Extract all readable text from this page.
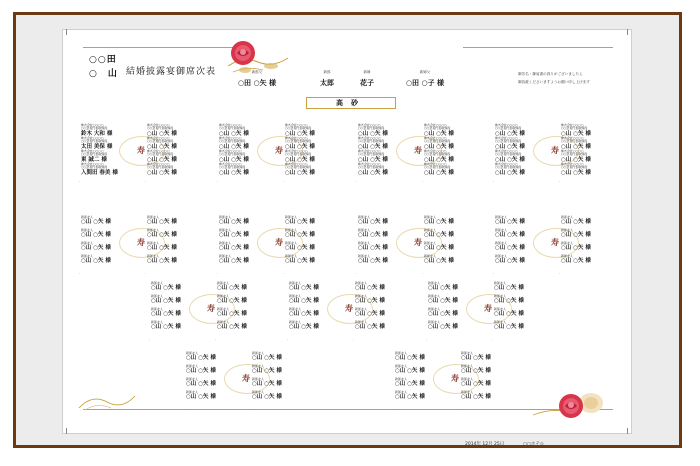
○○田
○　山 結婚披露宴御席次表	新郎父
○田 ○矢 様
新郎
太郎
新婦
花子
新婦父
○田 ○子 様
御芳名・御肩書の誤りがございましたら
御容赦くださいますようお願い申し上げます
高砂
寿
株式会社○○○○
○○会長代表取締役
鈴木 大和 様
株式会社○○○○
○○会長代表取締役
○山 ○矢 様
株式会社○○○○
○○会長代表取締役
太田 美保 様
株式会社○○○○
○○会長代表取締役
○山 ○矢 様
株式会社○○○○
○○会長代表取締役
東 誠二 様
株式会社○○○○
○○会長代表取締役
○山 ○矢 様
株式会社○○○○
○○会長代表取締役
入間田 春美 様
株式会社○○○○
○○会長代表取締役
○山 ○矢 様
.	.
寿
株式会社○○○○
○○会長代表取締役
○山 ○矢 様
株式会社○○○○
○○会長代表取締役
○山 ○矢 様
株式会社○○○○
○○会長代表取締役
○山 ○矢 様
株式会社○○○○
○○会長代表取締役
○山 ○矢 様
株式会社○○○○
○○会長代表取締役
○山 ○矢 様
株式会社○○○○
○○会長代表取締役
○山 ○矢 様
株式会社○○○○
○○会長代表取締役
○山 ○矢 様
株式会社○○○○
○○会長代表取締役
○山 ○矢 様
.	.
寿
株式会社○○○○
○○会長代表取締役
○山 ○矢 様
株式会社○○○○
○○会長代表取締役
○山 ○矢 様
株式会社○○○○
○○会長代表取締役
○山 ○矢 様
株式会社○○○○
○○会長代表取締役
○山 ○矢 様
株式会社○○○○
○○会長代表取締役
○山 ○矢 様
株式会社○○○○
○○会長代表取締役
○山 ○矢 様
株式会社○○○○
○○会長代表取締役
○山 ○矢 様
株式会社○○○○
○○会長代表取締役
○山 ○矢 様
.	.
寿
株式会社○○○○
○○会長代表取締役
○山 ○矢 様
株式会社○○○○
○○会長代表取締役
○山 ○矢 様
株式会社○○○○
○○会長代表取締役
○山 ○矢 様
株式会社○○○○
○○会長代表取締役
○山 ○矢 様
株式会社○○○○
○○会長代表取締役
○山 ○矢 様
株式会社○○○○
○○会長代表取締役
○山 ○矢 様
株式会社○○○○
○○会長代表取締役
○山 ○矢 様
株式会社○○○○
○○会長代表取締役
○山 ○矢 様
.	.
寿
新郎友人
○山 ○矢 様
新郎友人
○山 ○矢 様
新郎友人
○山 ○矢 様
新郎友人
○山 ○矢 様
新郎友人
○山 ○矢 様
新郎友人
○山 ○矢 様
新郎友人
○山 ○矢 様
新郎友人
○山 ○矢 様
.	.
寿
新郎友人
○山 ○矢 様
新郎友人
○山 ○矢 様
新郎友人
○山 ○矢 様
新郎友人
○山 ○矢 様
新郎友人
○山 ○矢 様
新郎友人
○山 ○矢 様
新郎友人
○山 ○矢 様
新郎友人
○山 ○矢 様
.	.
寿
新郎友人
○山 ○矢 様
新郎友人
○山 ○矢 様
新郎友人
○山 ○矢 様
新郎友人
○山 ○矢 様
新郎友人
○山 ○矢 様
新郎友人
○山 ○矢 様
新郎友人
○山 ○矢 様
新郎友人
○山 ○矢 様
.	.
寿
新郎友人
○山 ○矢 様
新郎友人
○山 ○矢 様
新郎友人
○山 ○矢 様
新郎友人
○山 ○矢 様
新郎友人
○山 ○矢 様
新郎友人
○山 ○矢 様
新郎友人
○山 ○矢 様
新郎友人
○山 ○矢 様
.	.
寿
新郎友人
○山 ○矢 様
新郎友人
○山 ○矢 様
新郎友人
○山 ○矢 様
新郎友人
○山 ○矢 様
新郎友人
○山 ○矢 様
新郎友人
○山 ○矢 様
新郎友人
○山 ○矢 様
新郎友人
○山 ○矢 様
.	.
寿
新郎友人
○山 ○矢 様
新郎友人
○山 ○矢 様
新郎友人
○山 ○矢 様
新郎友人
○山 ○矢 様
新郎友人
○山 ○矢 様
新郎友人
○山 ○矢 様
新郎友人
○山 ○矢 様
新郎友人
○山 ○矢 様
.	.
寿
新郎友人
○山 ○矢 様
新郎友人
○山 ○矢 様
新郎友人
○山 ○矢 様
新郎友人
○山 ○矢 様
新郎友人
○山 ○矢 様
新郎友人
○山 ○矢 様
新郎友人
○山 ○矢 様
新郎友人
○山 ○矢 様
.	.
寿
新郎友人
○山 ○矢 様
新郎友人
○山 ○矢 様
新郎友人
○山 ○矢 様
新郎友人
○山 ○矢 様
新郎友人
○山 ○矢 様
新郎友人
○山 ○矢 様
新郎友人
○山 ○矢 様
新郎友人
○山 ○矢 様
.	.
寿
新郎友人
○山 ○矢 様
新郎友人
○山 ○矢 様
新郎友人
○山 ○矢 様
新郎友人
○山 ○矢 様
新郎友人
○山 ○矢 様
新郎友人
○山 ○矢 様
新郎友人
○山 ○矢 様
新郎友人
○山 ○矢 様
.	.
2014年 12月 25日	○○ホテル
